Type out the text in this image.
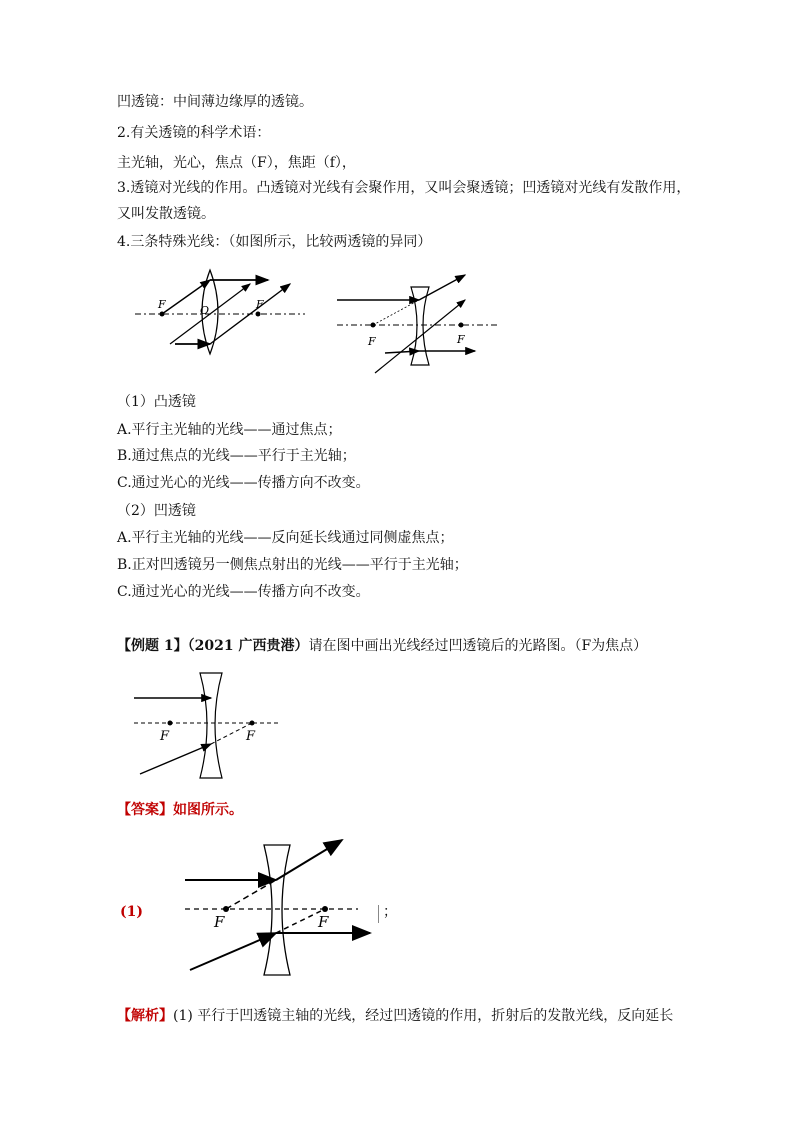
凹透镜：中间薄边缘厚的透镜。
2.有关透镜的科学术语：
主光轴，光心，焦点（F），焦距（f），
3.透镜对光线的作用。凸透镜对光线有会聚作用，又叫会聚透镜；凹透镜对光线有发散作用，
又叫发散透镜。
4.三条特殊光线：（如图所示，比较两透镜的异同）
F	O	F
F	F
（1）凸透镜
A.平行主光轴的光线——通过焦点；
B.通过焦点的光线——平行于主光轴；
C.通过光心的光线——传播方向不改变。
（2）凹透镜
A.平行主光轴的光线——反向延长线通过同侧虚焦点；
B.正对凹透镜另一侧焦点射出的光线——平行于主光轴；
C.通过光心的光线——传播方向不改变。
【例题 1】（2021 广西贵港）请在图中画出光线经过凹透镜后的光路图。（F为焦点）
F	F
【答案】如图所示。
(1)
F	F
；
【解析】(1) 平行于凹透镜主轴的光线，经过凹透镜的作用，折射后的发散光线，反向延长
